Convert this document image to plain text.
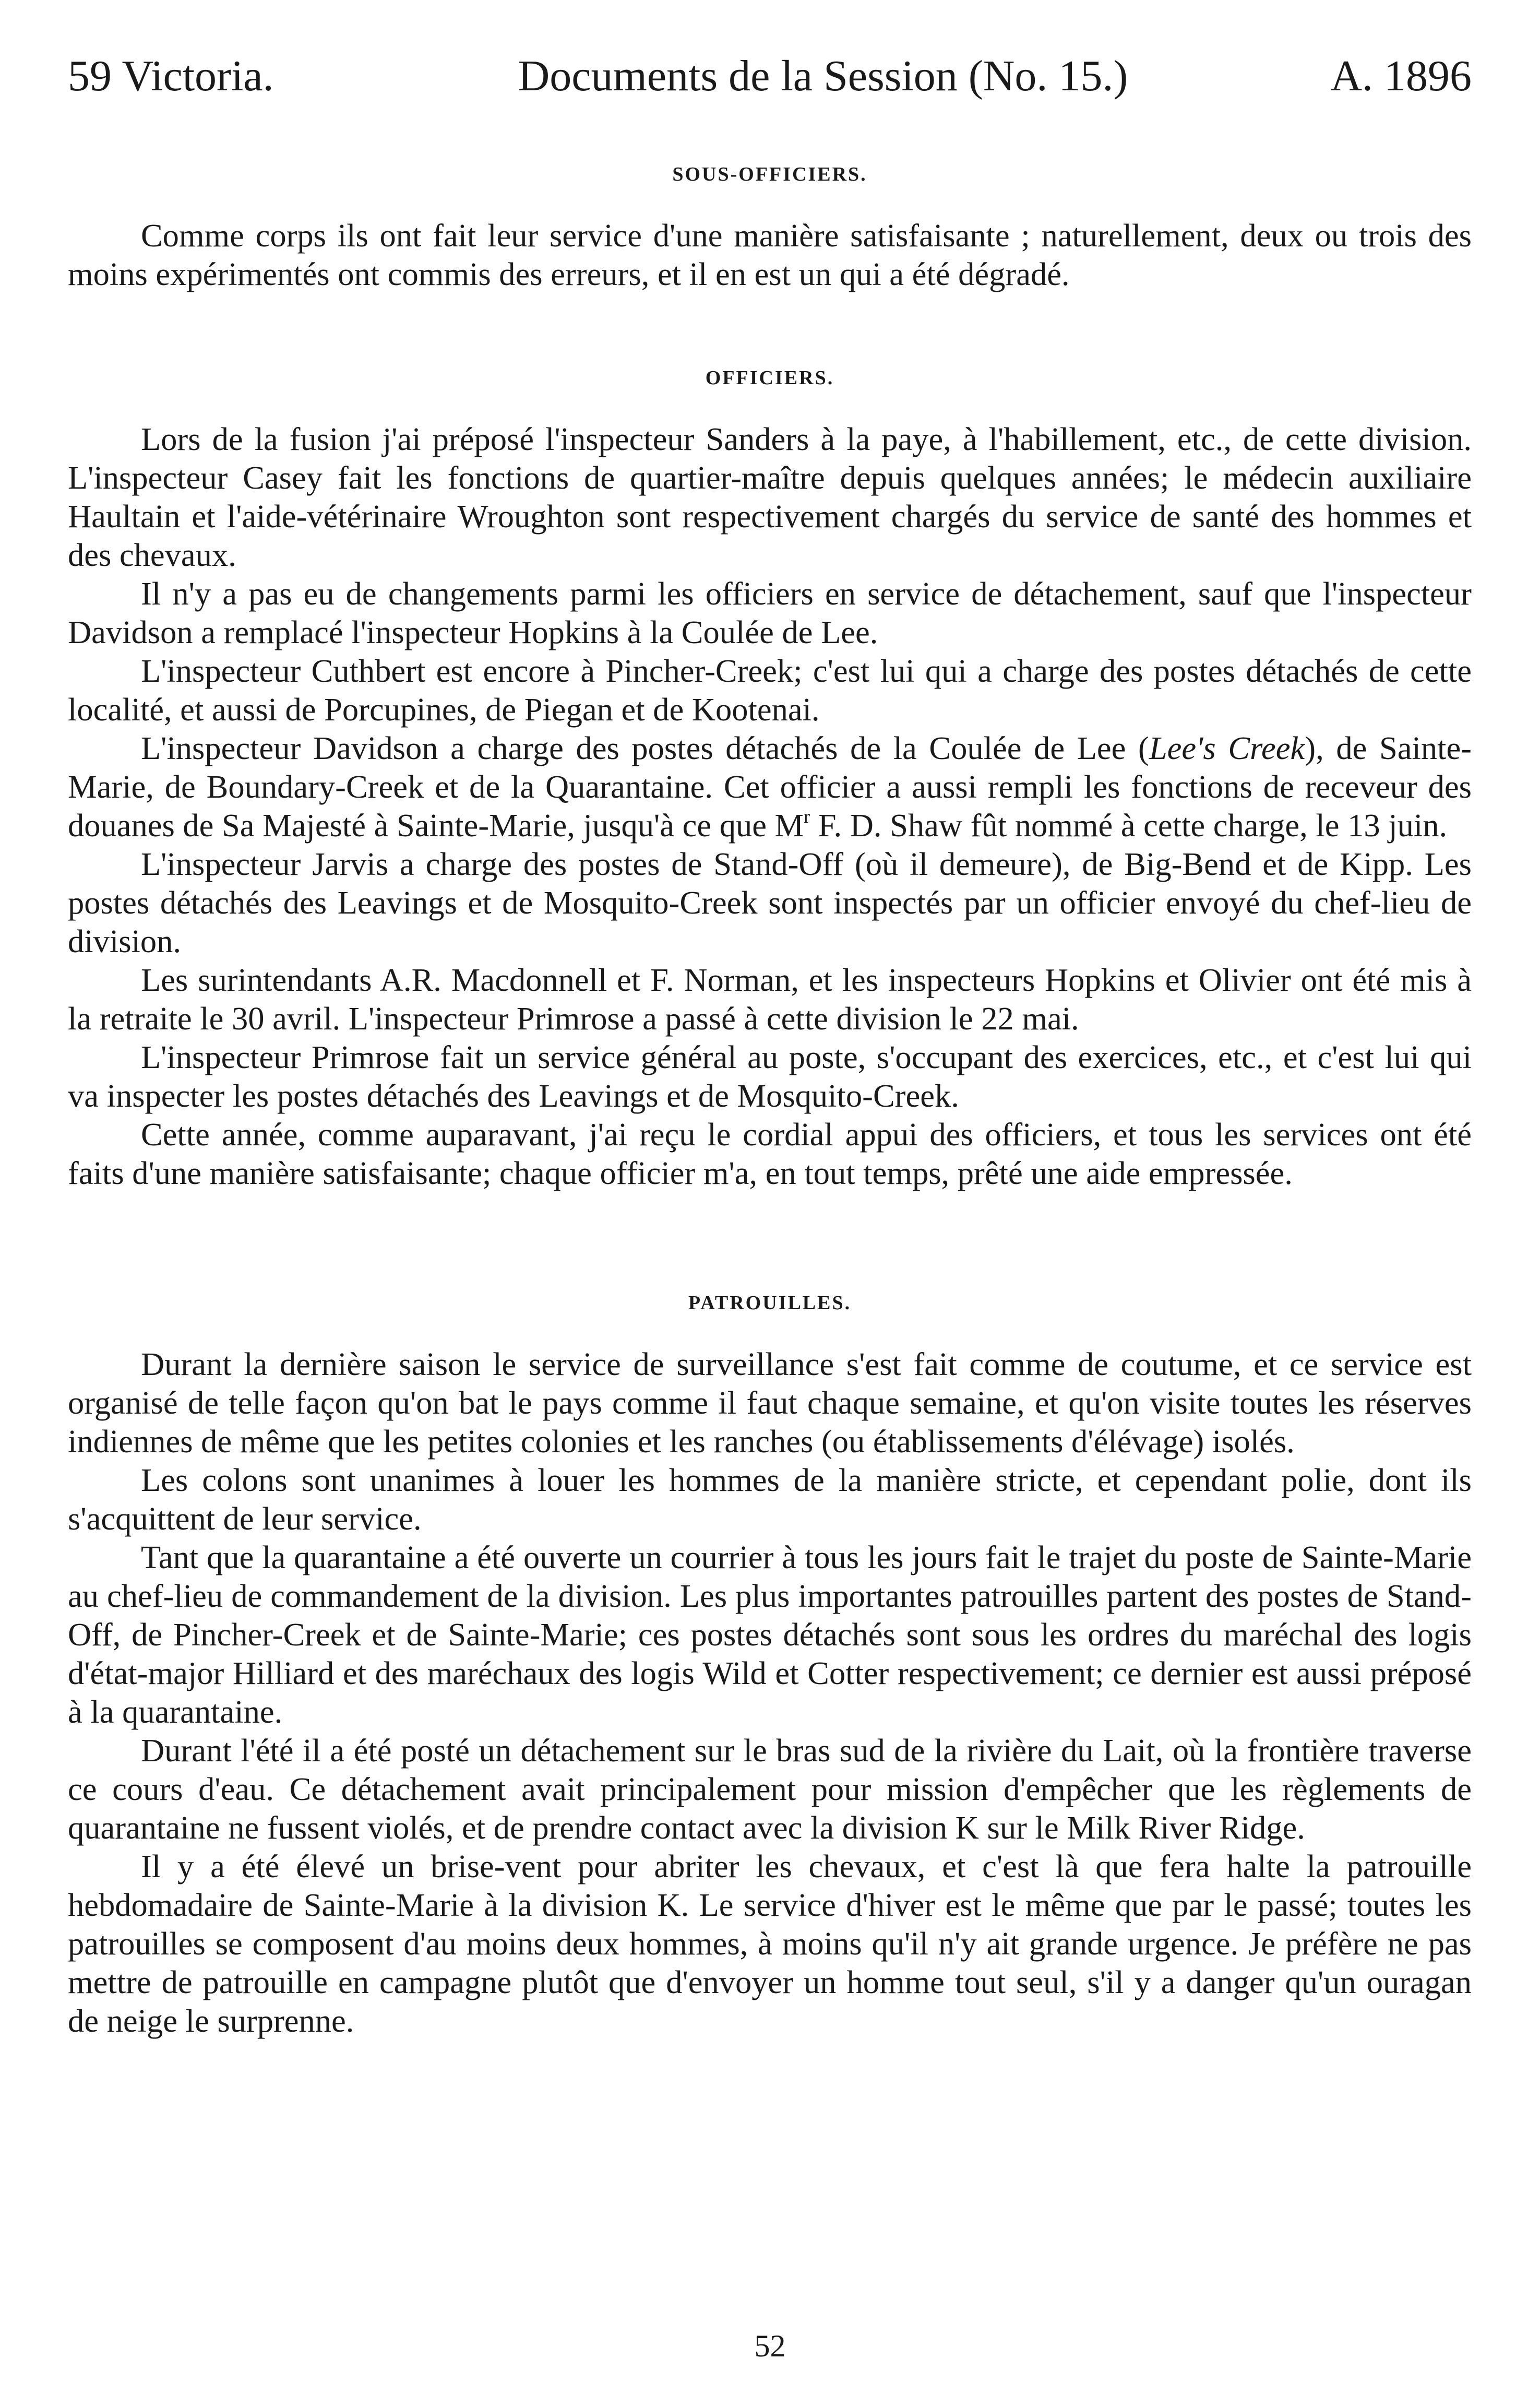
59 Victoria.	Documents de la Session (No. 15.)	A. 1896
SOUS-OFFICIERS.

Comme corps ils ont fait leur service d'une manière satisfaisante ; naturellement, deux ou trois des moins expérimentés ont commis des erreurs, et il en est un qui a été dégradé.

OFFICIERS.

Lors de la fusion j'ai préposé l'inspecteur Sanders à la paye, à l'habillement, etc., de cette division. L'inspecteur Casey fait les fonctions de quartier-maître depuis quelques années; le médecin auxiliaire Haultain et l'aide-vétérinaire Wroughton sont respectivement chargés du service de santé des hommes et des chevaux.

Il n'y a pas eu de changements parmi les officiers en service de détachement, sauf que l'inspecteur Davidson a remplacé l'inspecteur Hopkins à la Coulée de Lee.

L'inspecteur Cuthbert est encore à Pincher-Creek; c'est lui qui a charge des postes détachés de cette localité, et aussi de Porcupines, de Piegan et de Kootenai.

L'inspecteur Davidson a charge des postes détachés de la Coulée de Lee (Lee's Creek), de Sainte-Marie, de Boundary-Creek et de la Quarantaine. Cet officier a aussi rempli les fonctions de receveur des douanes de Sa Majesté à Sainte-Marie, jusqu'à ce que $M^r$ F. D. Shaw fût nommé à cette charge, le 13 juin.

L'inspecteur Jarvis a charge des postes de Stand-Off (où il demeure), de Big-Bend et de Kipp. Les postes détachés des Leavings et de Mosquito-Creek sont inspectés par un officier envoyé du chef-lieu de division.

Les surintendants A.R. Macdonnell et F. Norman, et les inspecteurs Hopkins et Olivier ont été mis à la retraite le 30 avril. L'inspecteur Primrose a passé à cette division le 22 mai.

L'inspecteur Primrose fait un service général au poste, s'occupant des exercices, etc., et c'est lui qui va inspecter les postes détachés des Leavings et de Mosquito-Creek.

Cette année, comme auparavant, j'ai reçu le cordial appui des officiers, et tous les services ont été faits d'une manière satisfaisante; chaque officier m'a, en tout temps, prêté une aide empressée.

PATROUILLES.

Durant la dernière saison le service de surveillance s'est fait comme de coutume, et ce service est organisé de telle façon qu'on bat le pays comme il faut chaque semaine, et qu'on visite toutes les réserves indiennes de même que les petites colonies et les ranches (ou établissements d'élévage) isolés.

Les colons sont unanimes à louer les hommes de la manière stricte, et cependant polie, dont ils s'acquittent de leur service.

Tant que la quarantaine a été ouverte un courrier à tous les jours fait le trajet du poste de Sainte-Marie au chef-lieu de commandement de la division. Les plus importantes patrouilles partent des postes de Stand-Off, de Pincher-Creek et de Sainte-Marie; ces postes détachés sont sous les ordres du maréchal des logis d'état-major Hilliard et des maréchaux des logis Wild et Cotter respectivement; ce dernier est aussi préposé à la quarantaine.

Durant l'été il a été posté un détachement sur le bras sud de la rivière du Lait, où la frontière traverse ce cours d'eau. Ce détachement avait principalement pour mission d'empêcher que les règlements de quarantaine ne fussent violés, et de prendre contact avec la division K sur le Milk River Ridge.

Il y a été élevé un brise-vent pour abriter les chevaux, et c'est là que fera halte la patrouille hebdomadaire de Sainte-Marie à la division K. Le service d'hiver est le même que par le passé; toutes les patrouilles se composent d'au moins deux hommes, à moins qu'il n'y ait grande urgence. Je préfère ne pas mettre de patrouille en campagne plutôt que d'envoyer un homme tout seul, s'il y a danger qu'un ouragan de neige le surprenne.

52
